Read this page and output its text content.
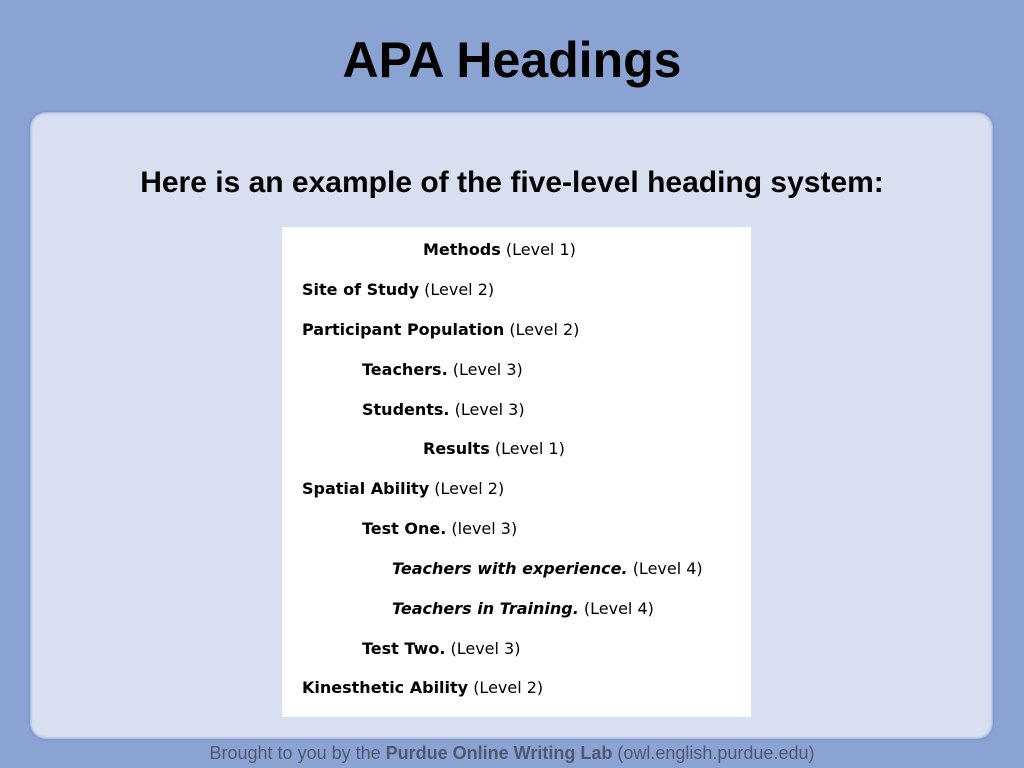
APA Headings
Here is an example of the five-level heading system:
Methods (Level 1)
Site of Study (Level 2)
Participant Population (Level 2)
Teachers. (Level 3)
Students. (Level 3)
Results (Level 1)
Spatial Ability (Level 2)
Test One. (level 3)
Teachers with experience. (Level 4)
Teachers in Training. (Level 4)
Test Two. (Level 3)
Kinesthetic Ability (Level 2)
Brought to you by the Purdue Online Writing Lab (owl.english.purdue.edu)
